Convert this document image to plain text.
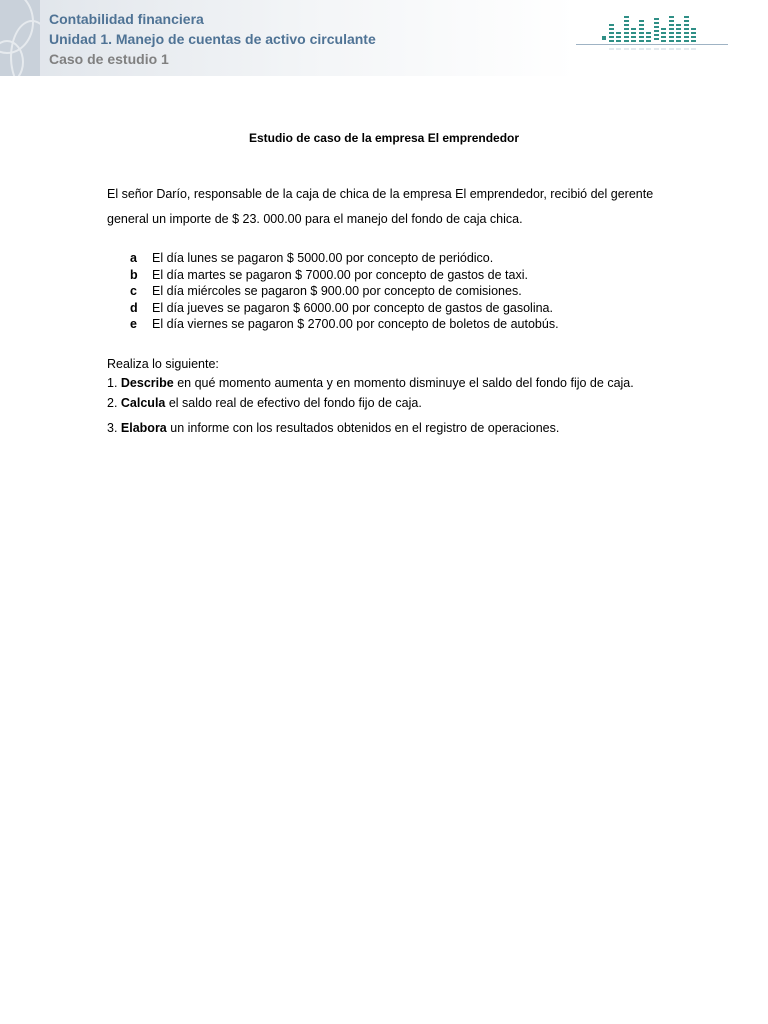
Contabilidad financiera
Unidad 1. Manejo de cuentas de activo circulante
Caso de estudio 1
Estudio de caso de la empresa El emprendedor
El señor Darío, responsable de la caja de chica de la empresa El emprendedor, recibió del gerente general un importe de $ 23. 000.00 para el manejo del fondo de caja chica.
a	El día lunes se pagaron $ 5000.00 por concepto de periódico.
b	El día martes se pagaron $ 7000.00 por concepto de gastos de taxi.
c	El día miércoles se pagaron $ 900.00 por concepto de comisiones.
d	El día jueves se pagaron $ 6000.00 por concepto de gastos de gasolina.
e	El día viernes se pagaron $ 2700.00 por concepto de boletos de autobús.
Realiza lo siguiente:
1. Describe en qué momento aumenta y en momento disminuye el saldo del fondo fijo de caja.
2. Calcula el saldo real de efectivo del fondo fijo de caja.
3. Elabora un informe con los resultados obtenidos en el registro de operaciones.
